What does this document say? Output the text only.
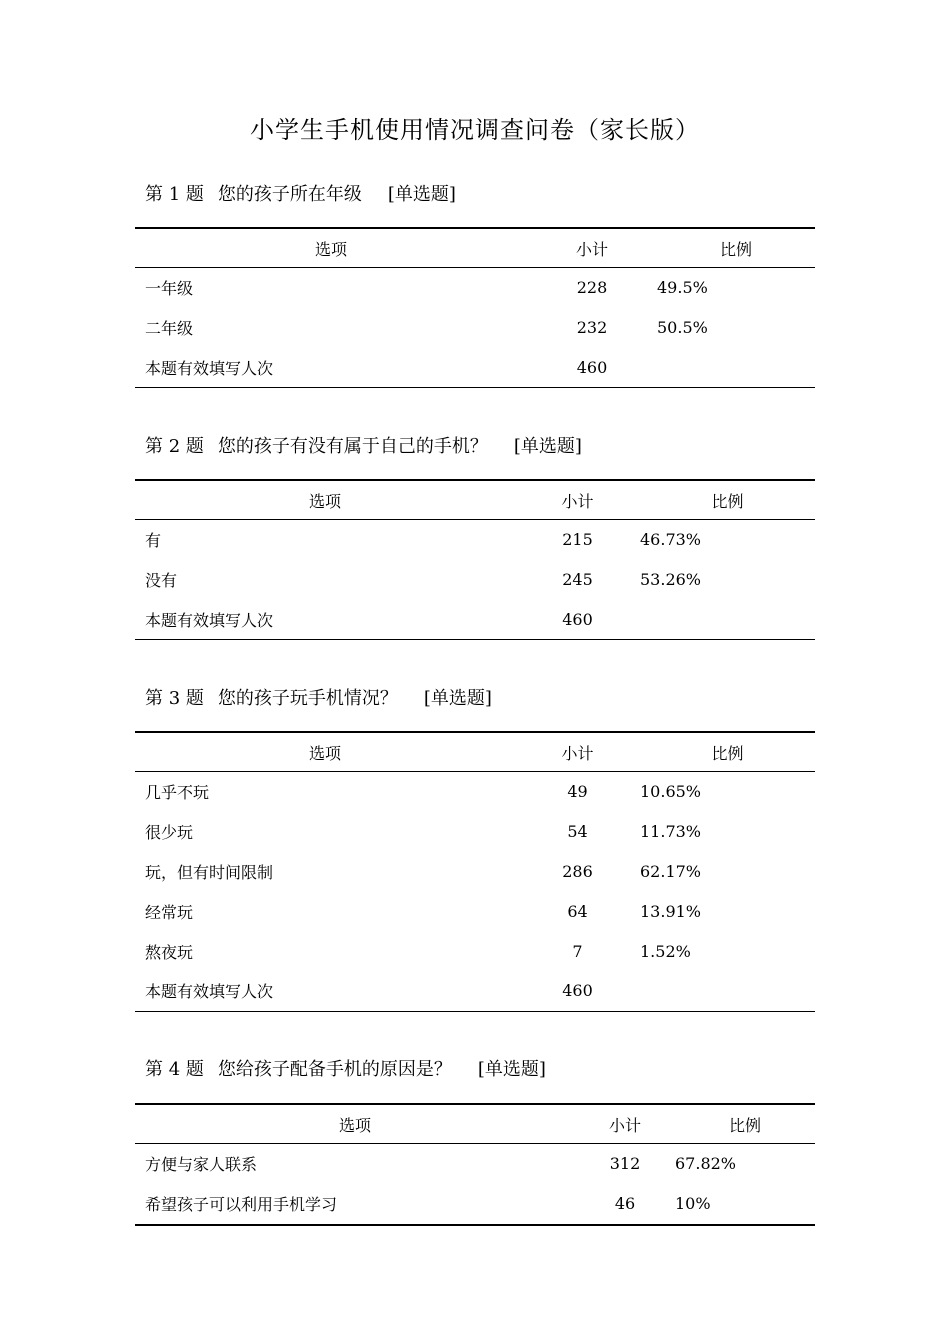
小学生手机使用情况调查问卷（家长版）
第 1 题 您的孩子所在年级 [单选题]
选项	小计	比例
一年级	228	49.5%
二年级	232	50.5%
本题有效填写人次	460	
第 2 题 您的孩子有没有属于自己的手机？ [单选题]
选项	小计	比例
有	215	46.73%
没有	245	53.26%
本题有效填写人次	460	
第 3 题 您的孩子玩手机情况？ [单选题]
选项	小计	比例
几乎不玩	49	10.65%
很少玩	54	11.73%
玩，但有时间限制	286	62.17%
经常玩	64	13.91%
熬夜玩	7	1.52%
本题有效填写人次	460	
第 4 题 您给孩子配备手机的原因是？ [单选题]
选项	小计	比例
方便与家人联系	312	67.82%
希望孩子可以利用手机学习	46	10%
